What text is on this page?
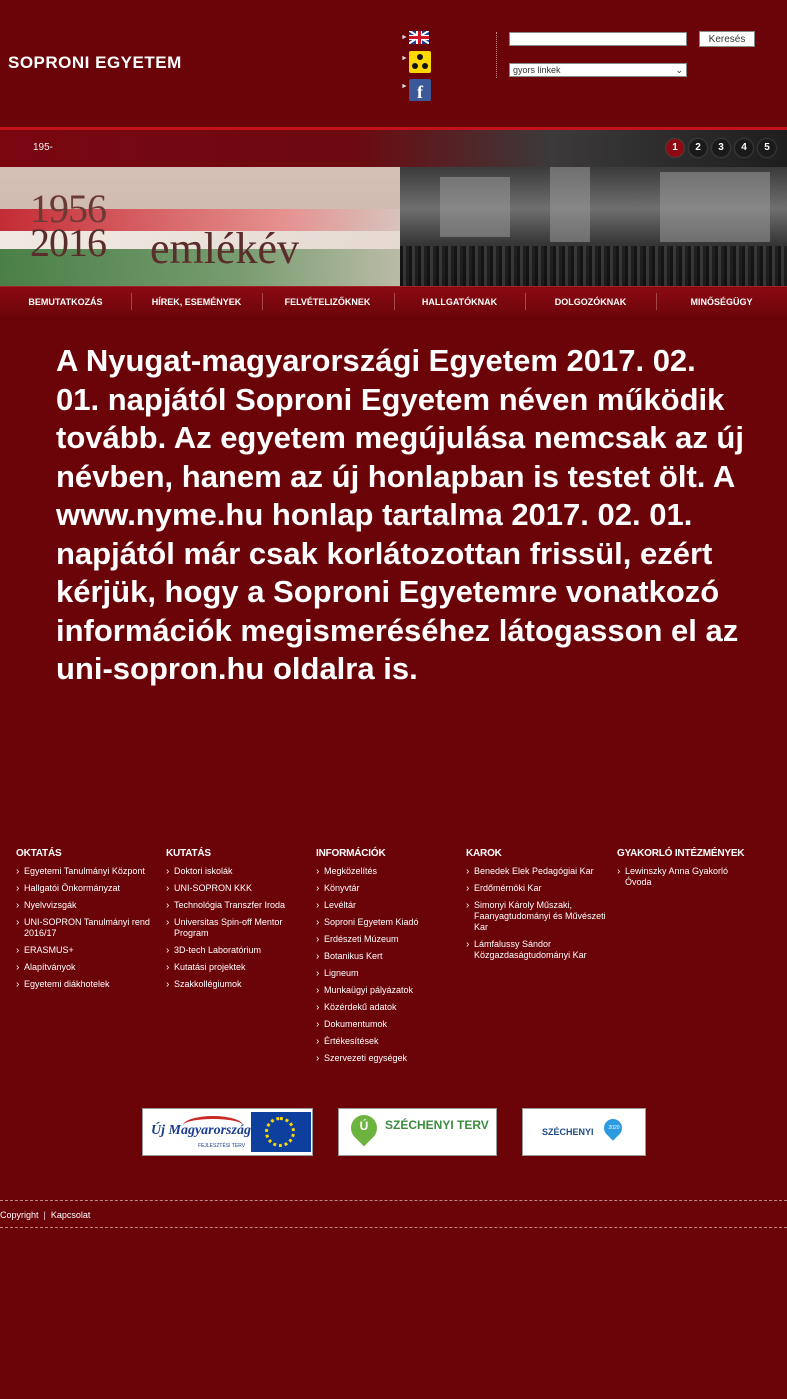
SOPRONI EGYETEM
►
►
► f
Keresés
gyors linkek	⌄
195-	1	2	3	4	5
1956
2016 emlékév
BEMUTATKOZÁS	HÍREK, ESEMÉNYEK	FELVÉTELIZŐKNEK	HALLGATÓKNAK	DOLGOZÓKNAK	MINŐSÉGÜGY
A Nyugat-magyarországi Egyetem 2017. 02. 01. napjától Soproni Egyetem néven működik tovább. Az egyetem megújulása nemcsak az új névben, hanem az új honlapban is testet ölt. A www.nyme.hu honlap tartalma 2017. 02. 01. napjától már csak korlátozottan frissül, ezért kérjük, hogy a Soproni Egyetemre vonatkozó információk megismeréséhez látogasson el az uni-sopron.hu oldalra is.
OKTATÁS
› Egyetemi Tanulmányi Központ
› Hallgatói Önkormányzat
› Nyelvvizsgák
› UNI-SOPRON Tanulmányi rend 2016/17
› ERASMUS+
› Alapítványok
› Egyetemi diákhotelek
KUTATÁS
› Doktori iskolák
› UNI-SOPRON KKK
› Technológia Transzfer Iroda
› Universitas Spin-off Mentor Program
› 3D-tech Laboratórium
› Kutatási projektek
› Szakkollégiumok
INFORMÁCIÓK
› Megközelítés
› Könyvtár
› Levéltár
› Soproni Egyetem Kiadó
› Erdészeti Múzeum
› Botanikus Kert
› Ligneum
› Munkaügyi pályázatok
› Közérdekű adatok
› Dokumentumok
› Értékesítések
› Szervezeti egységek
KAROK
› Benedek Elek Pedagógiai Kar
› Erdőmérnöki Kar
› Simonyi Károly Műszaki, Faanyagtudományi és Művészeti Kar
› Lámfalussy Sándor Közgazdaságtudományi Kar
GYAKORLÓ INTÉZMÉNYEK
› Lewinszky Anna Gyakorló Óvoda
Új Magyarország
FEJLESZTÉSI TERV
Ú	SZÉCHENYI TERV	SZÉCHENYI	2020
Copyright | Kapcsolat
